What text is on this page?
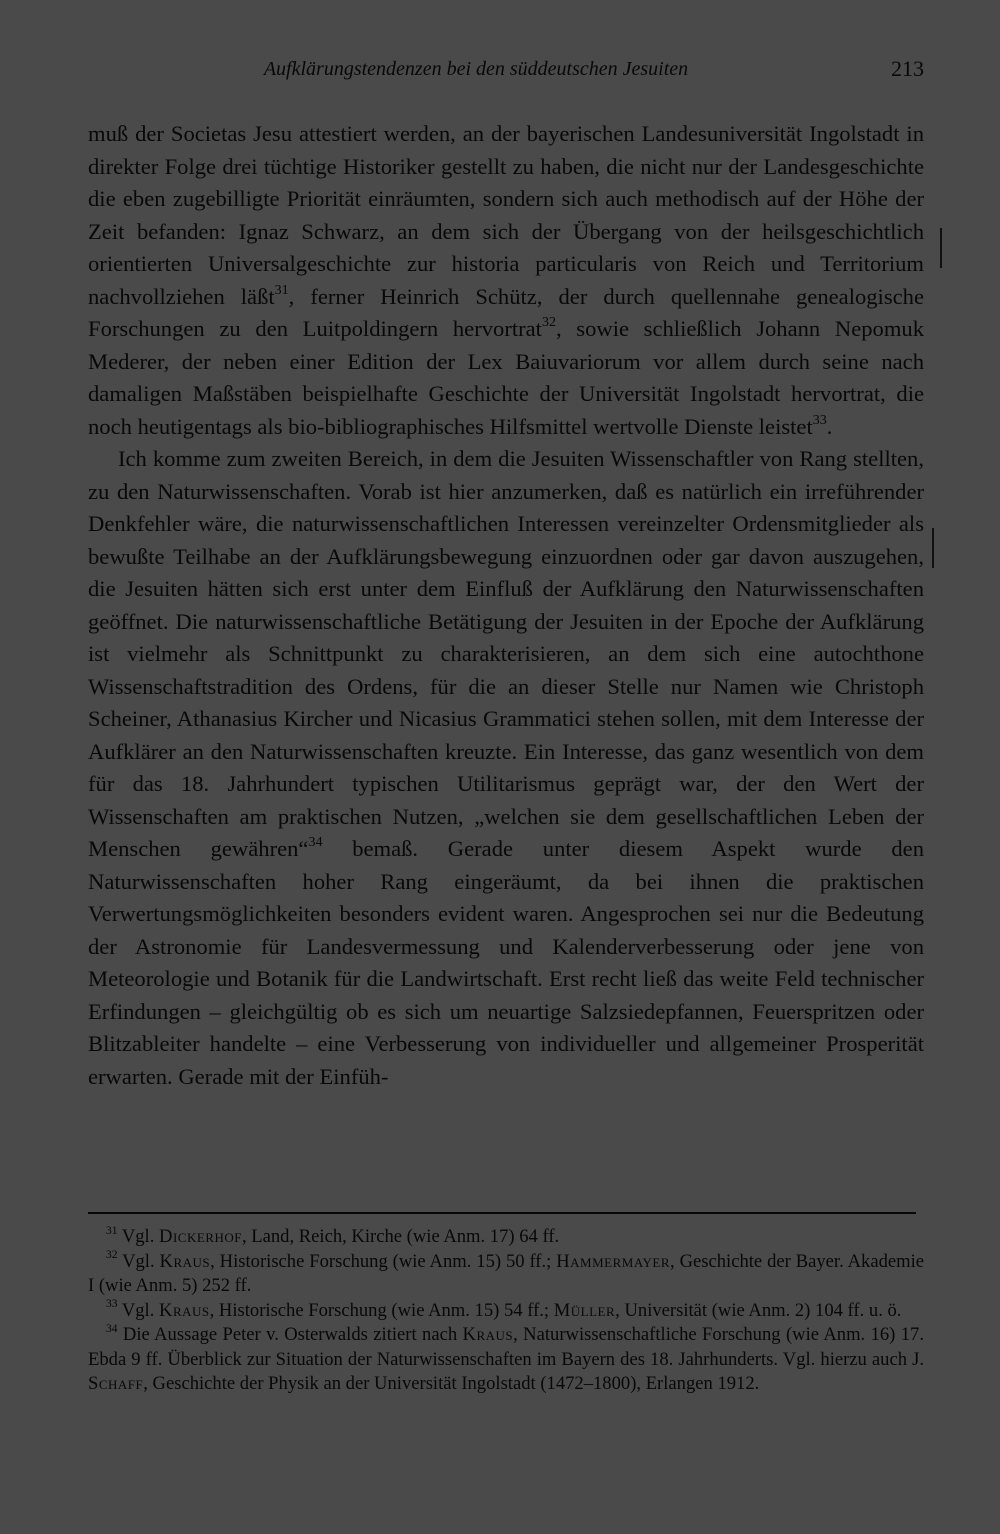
Aufklärungstendenzen bei den süddeutschen Jesuiten	213

muß der Societas Jesu attestiert werden, an der bayerischen Landesuniversität Ingolstadt in direkter Folge drei tüchtige Historiker gestellt zu haben, die nicht nur der Landesgeschichte die eben zugebilligte Priorität einräumten, sondern sich auch methodisch auf der Höhe der Zeit befanden: Ignaz Schwarz, an dem sich der Übergang von der heilsgeschichtlich orientierten Universalgeschichte zur historia particularis von Reich und Territorium nachvollziehen läßt$^{31}$, ferner Heinrich Schütz, der durch quellennahe genealogische Forschungen zu den Luitpoldingern hervortrat$^{32}$, sowie schließlich Johann Nepomuk Mederer, der neben einer Edition der Lex Baiuvariorum vor allem durch seine nach damaligen Maßstäben beispielhafte Geschichte der Universität Ingolstadt hervortrat, die noch heutigentags als bio-bibliographisches Hilfsmittel wertvolle Dienste leistet$^{33}$.

Ich komme zum zweiten Bereich, in dem die Jesuiten Wissenschaftler von Rang stellten, zu den Naturwissenschaften. Vorab ist hier anzumerken, daß es natürlich ein irreführender Denkfehler wäre, die naturwissenschaftlichen Interessen vereinzelter Ordensmitglieder als bewußte Teilhabe an der Aufklärungsbewegung einzuordnen oder gar davon auszugehen, die Jesuiten hätten sich erst unter dem Einfluß der Aufklärung den Naturwissenschaften geöffnet. Die naturwissenschaftliche Betätigung der Jesuiten in der Epoche der Aufklärung ist vielmehr als Schnittpunkt zu charakterisieren, an dem sich eine autochthone Wissenschaftstradition des Ordens, für die an dieser Stelle nur Namen wie Christoph Scheiner, Athanasius Kircher und Nicasius Grammatici stehen sollen, mit dem Interesse der Aufklärer an den Naturwissenschaften kreuzte. Ein Interesse, das ganz wesentlich von dem für das 18. Jahrhundert typischen Utilitarismus geprägt war, der den Wert der Wissenschaften am praktischen Nutzen, „welchen sie dem gesellschaftlichen Leben der Menschen gewähren“$^{34}$ bemaß. Gerade unter diesem Aspekt wurde den Naturwissenschaften hoher Rang eingeräumt, da bei ihnen die praktischen Verwertungsmöglichkeiten besonders evident waren. Angesprochen sei nur die Bedeutung der Astronomie für Landesvermessung und Kalenderverbesserung oder jene von Meteorologie und Botanik für die Landwirtschaft. Erst recht ließ das weite Feld technischer Erfindungen – gleichgültig ob es sich um neuartige Salzsiedepfannen, Feuerspritzen oder Blitzableiter handelte – eine Verbesserung von individueller und allgemeiner Prosperität erwarten. Gerade mit der Einfüh-

$^{31}$ Vgl. Dickerhof, Land, Reich, Kirche (wie Anm. 17) 64 ff.

$^{32}$ Vgl. Kraus, Historische Forschung (wie Anm. 15) 50 ff.; Hammermayer, Geschichte der Bayer. Akademie I (wie Anm. 5) 252 ff.

$^{33}$ Vgl. Kraus, Historische Forschung (wie Anm. 15) 54 ff.; Müller, Universität (wie Anm. 2) 104 ff. u. ö.

$^{34}$ Die Aussage Peter v. Osterwalds zitiert nach Kraus, Naturwissenschaftliche Forschung (wie Anm. 16) 17. Ebda 9 ff. Überblick zur Situation der Naturwissenschaften im Bayern des 18. Jahrhunderts. Vgl. hierzu auch J. Schaff, Geschichte der Physik an der Universität Ingolstadt (1472–1800), Erlangen 1912.
